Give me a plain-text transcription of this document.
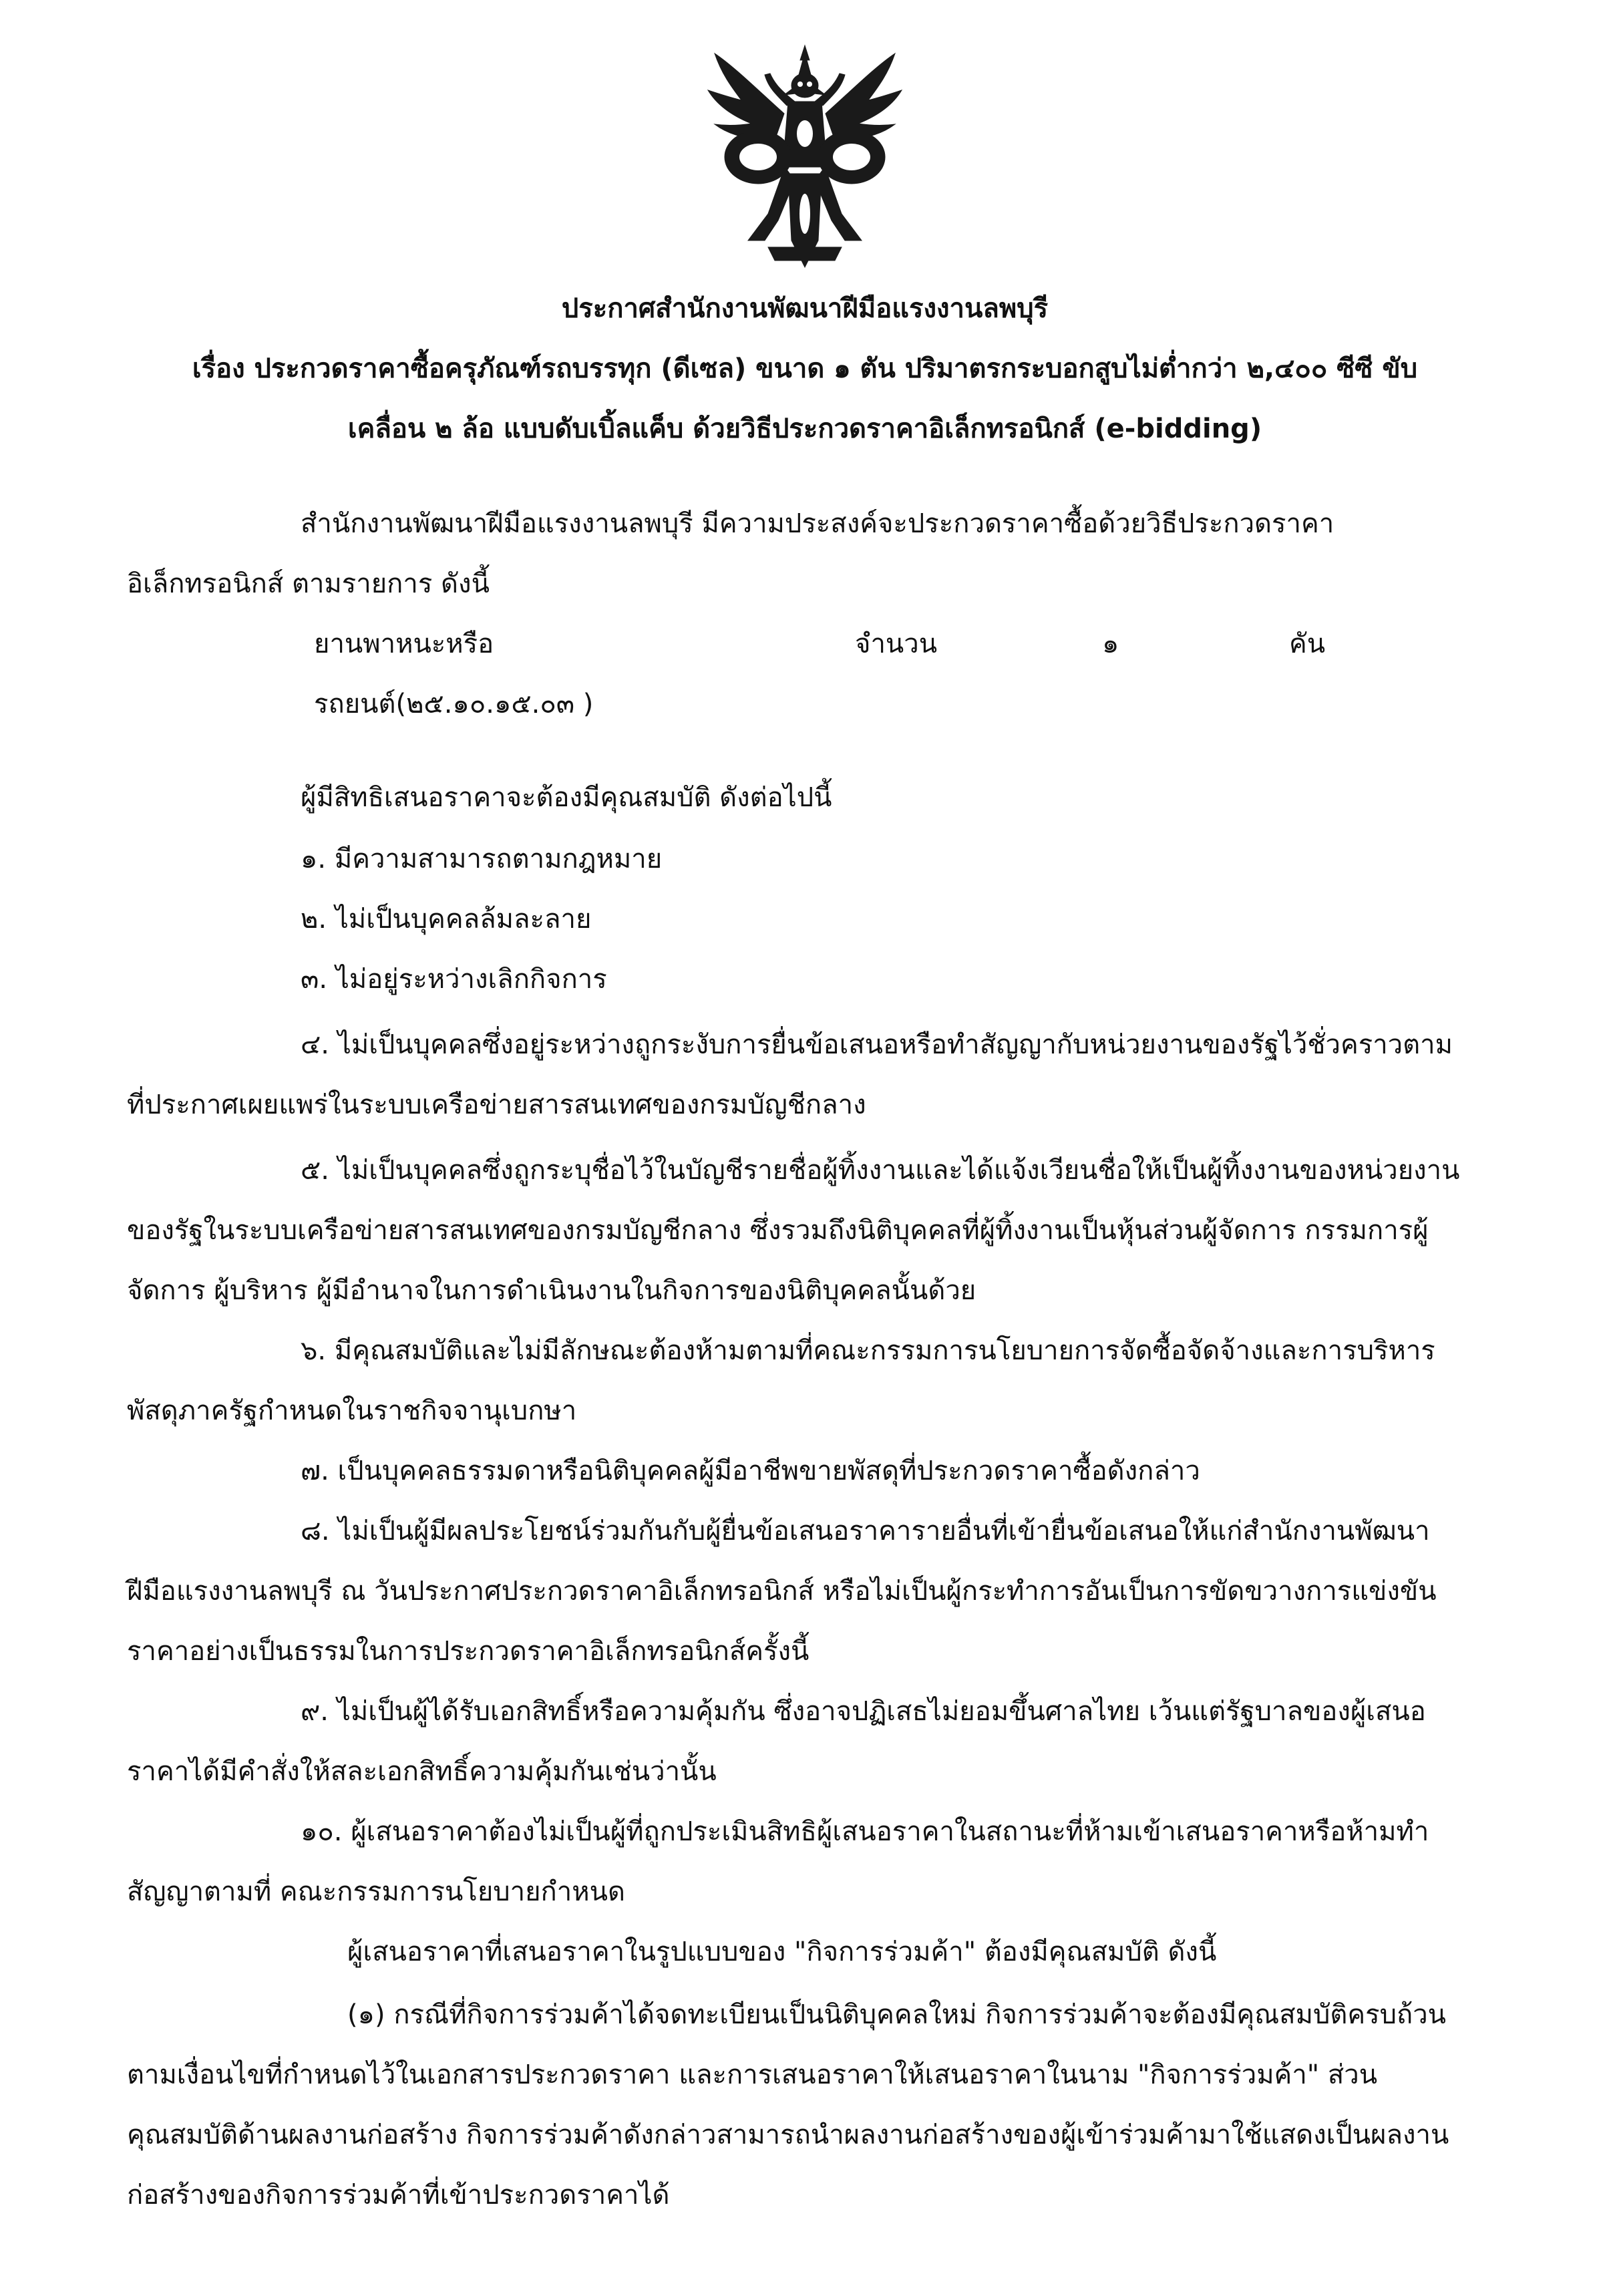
ประกาศสำนักงานพัฒนาฝีมือแรงงานลพบุรี
เรื่อง ประกวดราคาซื้อครุภัณฑ์รถบรรทุก (ดีเซล) ขนาด ๑ ตัน ปริมาตรกระบอกสูบไม่ต่ำกว่า ๒,๔๐๐ ซีซี ขับ
เคลื่อน ๒ ล้อ แบบดับเบิ้ลแค็บ ด้วยวิธีประกวดราคาอิเล็กทรอนิกส์ (e-bidding)
สำนักงานพัฒนาฝีมือแรงงานลพบุรี มีความประสงค์จะประกวดราคาซื้อด้วยวิธีประกวดราคา
อิเล็กทรอนิกส์ ตามรายการ ดังนี้
ยานพาหนะหรือ	จำนวน	๑	คัน
รถยนต์(๒๕.๑๐.๑๕.๐๓ )
ผู้มีสิทธิเสนอราคาจะต้องมีคุณสมบัติ ดังต่อไปนี้
๑. มีความสามารถตามกฎหมาย
๒. ไม่เป็นบุคคลล้มละลาย
๓. ไม่อยู่ระหว่างเลิกกิจการ
๔. ไม่เป็นบุคคลซึ่งอยู่ระหว่างถูกระงับการยื่นข้อเสนอหรือทำสัญญากับหน่วยงานของรัฐไว้ชั่วคราวตาม
ที่ประกาศเผยแพร่ในระบบเครือข่ายสารสนเทศของกรมบัญชีกลาง
๕. ไม่เป็นบุคคลซึ่งถูกระบุชื่อไว้ในบัญชีรายชื่อผู้ทิ้งงานและได้แจ้งเวียนชื่อให้เป็นผู้ทิ้งงานของหน่วยงาน
ของรัฐในระบบเครือข่ายสารสนเทศของกรมบัญชีกลาง ซึ่งรวมถึงนิติบุคคลที่ผู้ทิ้งงานเป็นหุ้นส่วนผู้จัดการ กรรมการผู้
จัดการ ผู้บริหาร ผู้มีอำนาจในการดำเนินงานในกิจการของนิติบุคคลนั้นด้วย
๖. มีคุณสมบัติและไม่มีลักษณะต้องห้ามตามที่คณะกรรมการนโยบายการจัดซื้อจัดจ้างและการบริหาร
พัสดุภาครัฐกำหนดในราชกิจจานุเบกษา
๗. เป็นบุคคลธรรมดาหรือนิติบุคคลผู้มีอาชีพขายพัสดุที่ประกวดราคาซื้อดังกล่าว
๘. ไม่เป็นผู้มีผลประโยชน์ร่วมกันกับผู้ยื่นข้อเสนอราคารายอื่นที่เข้ายื่นข้อเสนอให้แก่สำนักงานพัฒนา
ฝีมือแรงงานลพบุรี ณ วันประกาศประกวดราคาอิเล็กทรอนิกส์ หรือไม่เป็นผู้กระทำการอันเป็นการขัดขวางการแข่งขัน
ราคาอย่างเป็นธรรมในการประกวดราคาอิเล็กทรอนิกส์ครั้งนี้
๙. ไม่เป็นผู้ได้รับเอกสิทธิ์หรือความคุ้มกัน ซึ่งอาจปฏิเสธไม่ยอมขึ้นศาลไทย เว้นแต่รัฐบาลของผู้เสนอ
ราคาได้มีคำสั่งให้สละเอกสิทธิ์ความคุ้มกันเช่นว่านั้น
๑๐. ผู้เสนอราคาต้องไม่เป็นผู้ที่ถูกประเมินสิทธิผู้เสนอราคาในสถานะที่ห้ามเข้าเสนอราคาหรือห้ามทำ
สัญญาตามที่ คณะกรรมการนโยบายกำหนด
ผู้เสนอราคาที่เสนอราคาในรูปแบบของ "กิจการร่วมค้า" ต้องมีคุณสมบัติ ดังนี้
(๑) กรณีที่กิจการร่วมค้าได้จดทะเบียนเป็นนิติบุคคลใหม่ กิจการร่วมค้าจะต้องมีคุณสมบัติครบถ้วน
ตามเงื่อนไขที่กำหนดไว้ในเอกสารประกวดราคา และการเสนอราคาให้เสนอราคาในนาม "กิจการร่วมค้า" ส่วน
คุณสมบัติด้านผลงานก่อสร้าง กิจการร่วมค้าดังกล่าวสามารถนำผลงานก่อสร้างของผู้เข้าร่วมค้ามาใช้แสดงเป็นผลงาน
ก่อสร้างของกิจการร่วมค้าที่เข้าประกวดราคาได้
